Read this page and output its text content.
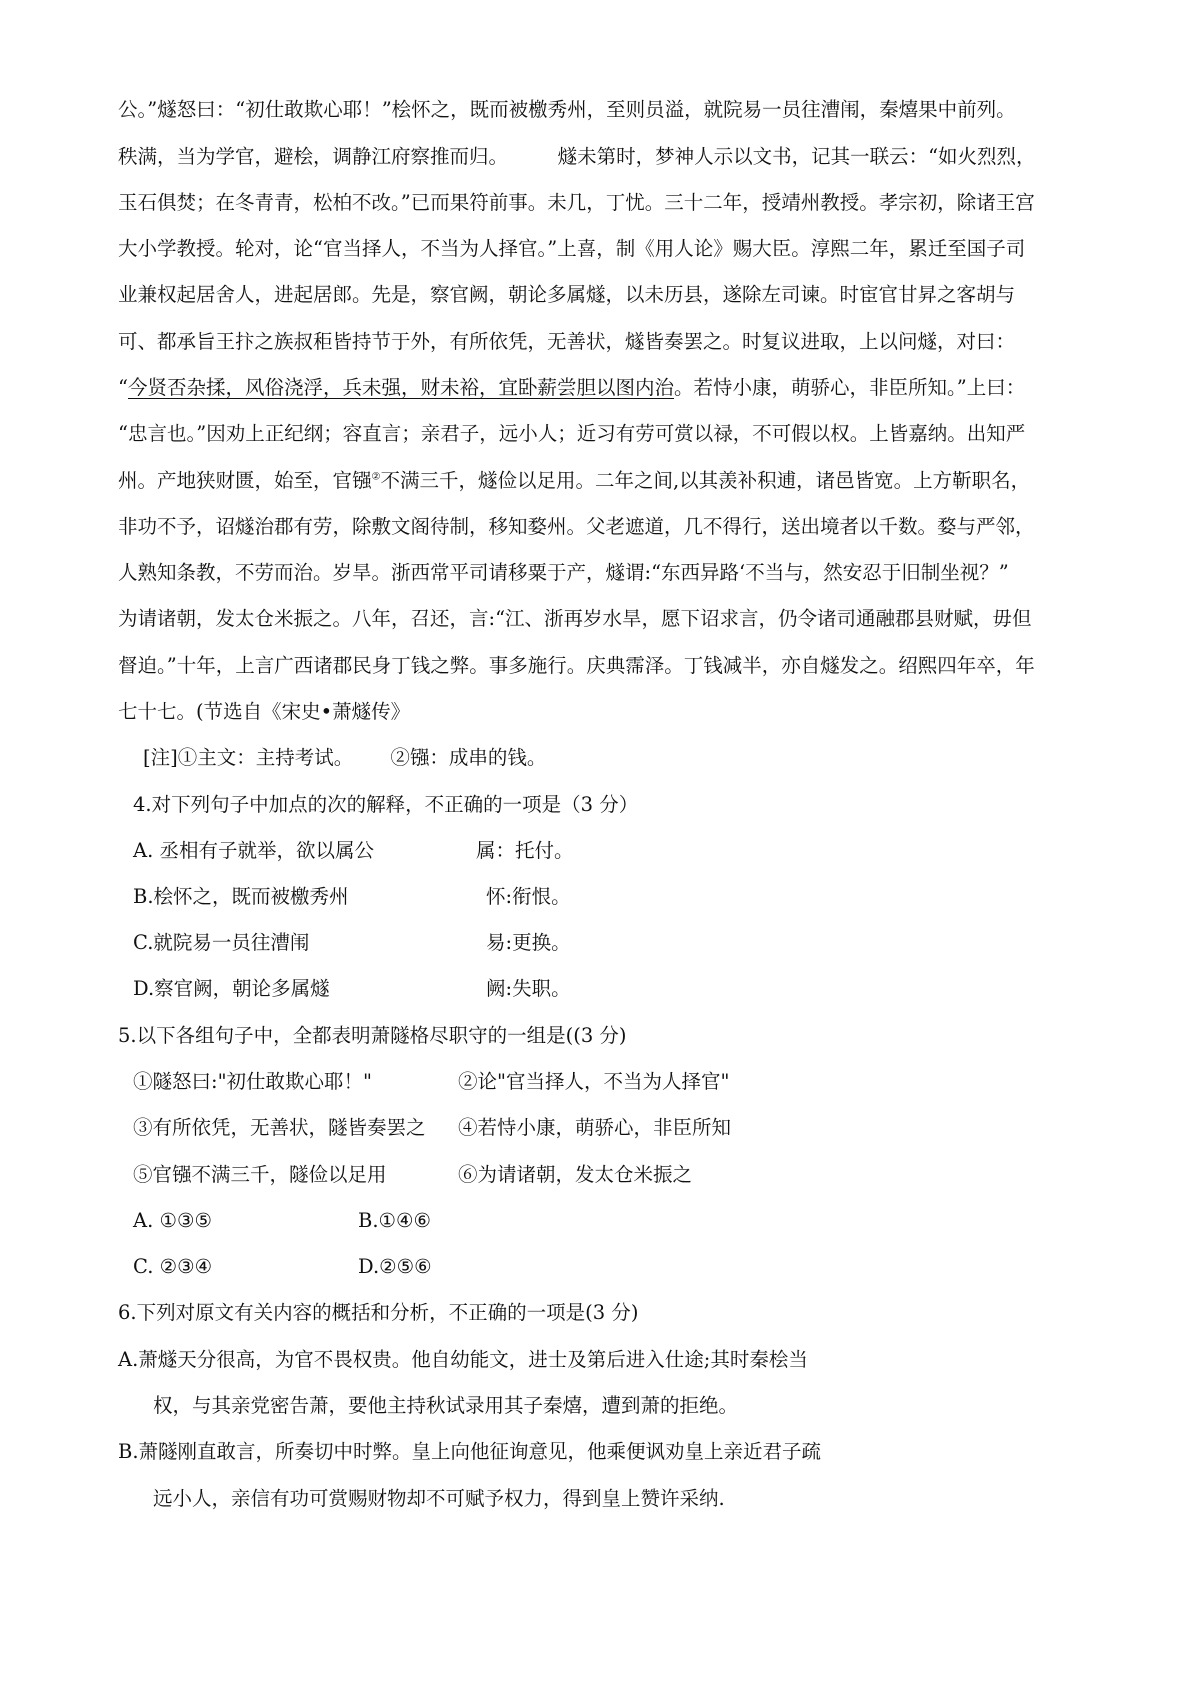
公。”燧怒曰：“初仕敢欺心耶！”桧怀之，既而被檄秀州，至则员溢，就院易一员往漕闱，秦熺果中前列。
秩满，当为学官，避桧，调静江府察推而归。        燧未第时，梦神人示以文书，记其一联云：“如火烈烈，
玉石俱焚；在冬青青，松柏不改。”已而果符前事。未几，丁忧。三十二年，授靖州教授。孝宗初，除诸王宫
大小学教授。轮对，论“官当择人，不当为人择官。”上喜，制《用人论》赐大臣。淳熙二年，累迁至国子司
业兼权起居舍人，进起居郎。先是，察官阙，朝论多属燧，以未历县，遂除左司谏。时宦官甘昇之客胡与
可、都承旨王抃之族叔秬皆持节于外，有所依凭，无善状，燧皆奏罢之。时复议进取，上以问燧，对曰：
“今贤否杂揉，风俗浇浮，兵未强，财未裕，宜卧薪尝胆以图内治。若恃小康，萌骄心，非臣所知。”上曰：
“忠言也。”因劝上正纪纲；容直言；亲君子，远小人；近习有劳可赏以禄，不可假以权。上皆嘉纳。出知严
州。产地狭财匮，始至，官镪②不满三千，燧俭以足用。二年之间,以其羡补积逋，诸邑皆宽。上方靳职名，
非功不予，诏燧治郡有劳，除敷文阁待制，移知婺州。父老遮道，几不得行，送出境者以千数。婺与严邻，
人熟知条教，不劳而治。岁旱。浙西常平司请移粟于产，燧谓:“东西异路‘不当与，然安忍于旧制坐视？”
为请诸朝，发太仓米振之。八年，召还，言:“江、浙再岁水旱，愿下诏求言，仍令诸司通融郡县财赋，毋但
督迫。”十年，上言广西诸郡民身丁钱之弊。事多施行。庆典霈泽。丁钱减半，亦自燧发之。绍熙四年卒，年
七十七。(节选自《宋史•萧燧传》
[注]①主文：主持考试。      ②镪：成串的钱。
4.对下列句子中加点的次的解释，不正确的一项是（3 分）
A. 丞相有子就举，欲以属公	属：托付。
B.桧怀之，既而被檄秀州	怀:衔恨。
C.就院易一员往漕闱	易:更换。
D.察官阙，朝论多属燧	阙:失职。
5.以下各组句子中，全都表明萧隧格尽职守的一组是((3 分)
①隧怒曰:"初仕敢欺心耶！"	②论"官当择人，不当为人择官"
③有所依凭，无善状，隧皆奏罢之 ④若恃小康，萌骄心，非臣所知
⑤官镪不满三千，隧俭以足用	⑥为请诸朝，发太仓米振之
A. ①③⑤	B.①④⑥
C. ②③④	D.②⑤⑥
6.下列对原文有关内容的概括和分析，不正确的一项是(3 分)
A.萧燧天分很高，为官不畏权贵。他自幼能文，进士及第后进入仕途;其时秦桧当
权，与其亲党密告萧，要他主持秋试录用其子秦熺，遭到萧的拒绝。
B.萧隧刚直敢言，所奏切中时弊。皇上向他征询意见，他乘便讽劝皇上亲近君子疏
远小人，亲信有功可赏赐财物却不可赋予权力，得到皇上赞许采纳.
